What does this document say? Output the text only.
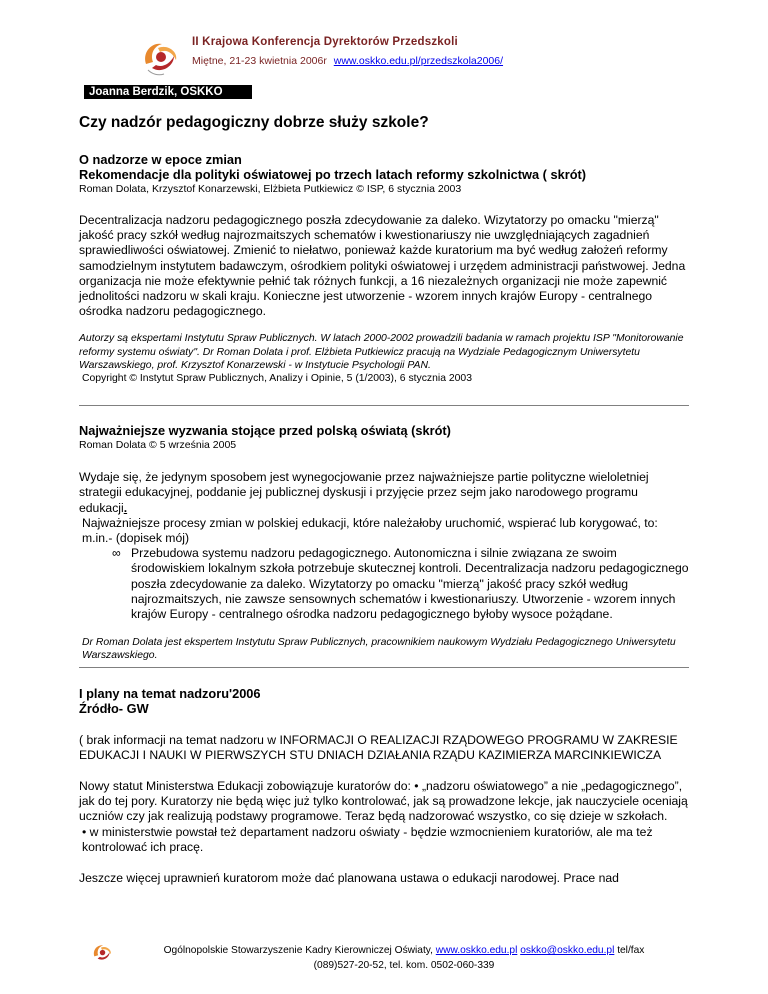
II Krajowa Konferencja Dyrektorów Przedszkoli
Miętne, 21-23 kwietnia 2006r www.oskko.edu.pl/przedszkola2006/
Joanna Berdzik, OSKKO
Czy nadzór pedagogiczny dobrze służy szkole?
O nadzorze w epoce zmian
Rekomendacje dla polityki oświatowej po trzech latach reformy szkolnictwa ( skrót)
Roman Dolata, Krzysztof Konarzewski, Elżbieta Putkiewicz © ISP, 6 stycznia 2003

Decentralizacja nadzoru pedagogicznego poszła zdecydowanie za daleko. Wizytatorzy po omacku "mierzą" jakość pracy szkół według najrozmaitszych schematów i kwestionariuszy nie uwzględniających zagadnień sprawiedliwości oświatowej. Zmienić to niełatwo, ponieważ każde kuratorium ma być według założeń reformy samodzielnym instytutem badawczym, ośrodkiem polityki oświatowej i urzędem administracji państwowej. Jedna organizacja nie może efektywnie pełnić tak różnych funkcji, a 16 niezależnych organizacji nie może zapewnić jednolitości nadzoru w skali kraju. Konieczne jest utworzenie - wzorem innych krajów Europy - centralnego ośrodka nadzoru pedagogicznego.

Autorzy są ekspertami Instytutu Spraw Publicznych. W latach 2000-2002 prowadzili badania w ramach projektu ISP "Monitorowanie reformy systemu oświaty". Dr Roman Dolata i prof. Elżbieta Putkiewicz pracują na Wydziale Pedagogicznym Uniwersytetu Warszawskiego, prof. Krzysztof Konarzewski - w Instytucie Psychologii PAN.

Copyright © Instytut Spraw Publicznych, Analizy i Opinie, 5 (1/2003), 6 stycznia 2003

Najważniejsze wyzwania stojące przed polską oświatą (skrót)
Roman Dolata © 5 września 2005

Wydaje się, że jedynym sposobem jest wynegocjowanie przez najważniejsze partie polityczne wieloletniej strategii edukacyjnej, poddanie jej publicznej dyskusji i przyjęcie przez sejm jako narodowego programu edukacji.

Najważniejsze procesy zmian w polskiej edukacji, które należałoby uruchomić, wspierać lub korygować, to: m.in.- (dopisek mój)

∞ Przebudowa systemu nadzoru pedagogicznego. Autonomiczna i silnie związana ze swoim środowiskiem lokalnym szkoła potrzebuje skutecznej kontroli. Decentralizacja nadzoru pedagogicznego poszła zdecydowanie za daleko. Wizytatorzy po omacku "mierzą" jakość pracy szkół według najrozmaitszych, nie zawsze sensownych schematów i kwestionariuszy. Utworzenie - wzorem innych krajów Europy - centralnego ośrodka nadzoru pedagogicznego byłoby wysoce pożądane.

Dr Roman Dolata jest ekspertem Instytutu Spraw Publicznych, pracownikiem naukowym Wydziału Pedagogicznego Uniwersytetu Warszawskiego.

I plany na temat nadzoru'2006
Źródło- GW

( brak informacji na temat nadzoru w INFORMACJI O REALIZACJI RZĄDOWEGO PROGRAMU W ZAKRESIE EDUKACJI I NAUKI W PIERWSZYCH STU DNIACH DZIAŁANIA RZĄDU KAZIMIERZA MARCINKIEWICZA

Nowy statut Ministerstwa Edukacji zobowiązuje kuratorów do: • „nadzoru oświatowego” a nie „pedagogicznego”, jak do tej pory. Kuratorzy nie będą więc już tylko kontrolować, jak są prowadzone lekcje, jak nauczyciele oceniają uczniów czy jak realizują podstawy programowe. Teraz będą nadzorować wszystko, co się dzieje w szkołach.

• w ministerstwie powstał też departament nadzoru oświaty - będzie wzmocnieniem kuratoriów, ale ma też kontrolować ich pracę.

Jeszcze więcej uprawnień kuratorom może dać planowana ustawa o edukacji narodowej. Prace nad

Ogólnopolskie Stowarzyszenie Kadry Kierowniczej Oświaty, www.oskko.edu.pl oskko@oskko.edu.pl tel/fax
(089)527-20-52, tel. kom. 0502-060-339
